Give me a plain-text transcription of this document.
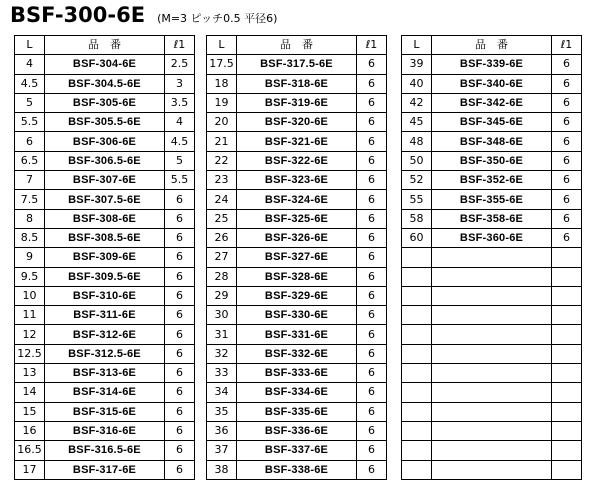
BSF-300-6E (M=3 ピッチ0.5 平径6)
L	品　番	ℓ1
4	BSF-304-6E	2.5
4.5	BSF-304.5-6E	3
5	BSF-305-6E	3.5
5.5	BSF-305.5-6E	4
6	BSF-306-6E	4.5
6.5	BSF-306.5-6E	5
7	BSF-307-6E	5.5
7.5	BSF-307.5-6E	6
8	BSF-308-6E	6
8.5	BSF-308.5-6E	6
9	BSF-309-6E	6
9.5	BSF-309.5-6E	6
10	BSF-310-6E	6
11	BSF-311-6E	6
12	BSF-312-6E	6
12.5	BSF-312.5-6E	6
13	BSF-313-6E	6
14	BSF-314-6E	6
15	BSF-315-6E	6
16	BSF-316-6E	6
16.5	BSF-316.5-6E	6
17	BSF-317-6E	6
L	品　番	ℓ1
17.5	BSF-317.5-6E	6
18	BSF-318-6E	6
19	BSF-319-6E	6
20	BSF-320-6E	6
21	BSF-321-6E	6
22	BSF-322-6E	6
23	BSF-323-6E	6
24	BSF-324-6E	6
25	BSF-325-6E	6
26	BSF-326-6E	6
27	BSF-327-6E	6
28	BSF-328-6E	6
29	BSF-329-6E	6
30	BSF-330-6E	6
31	BSF-331-6E	6
32	BSF-332-6E	6
33	BSF-333-6E	6
34	BSF-334-6E	6
35	BSF-335-6E	6
36	BSF-336-6E	6
37	BSF-337-6E	6
38	BSF-338-6E	6
L	品　番	ℓ1
39	BSF-339-6E	6
40	BSF-340-6E	6
42	BSF-342-6E	6
45	BSF-345-6E	6
48	BSF-348-6E	6
50	BSF-350-6E	6
52	BSF-352-6E	6
55	BSF-355-6E	6
58	BSF-358-6E	6
60	BSF-360-6E	6
